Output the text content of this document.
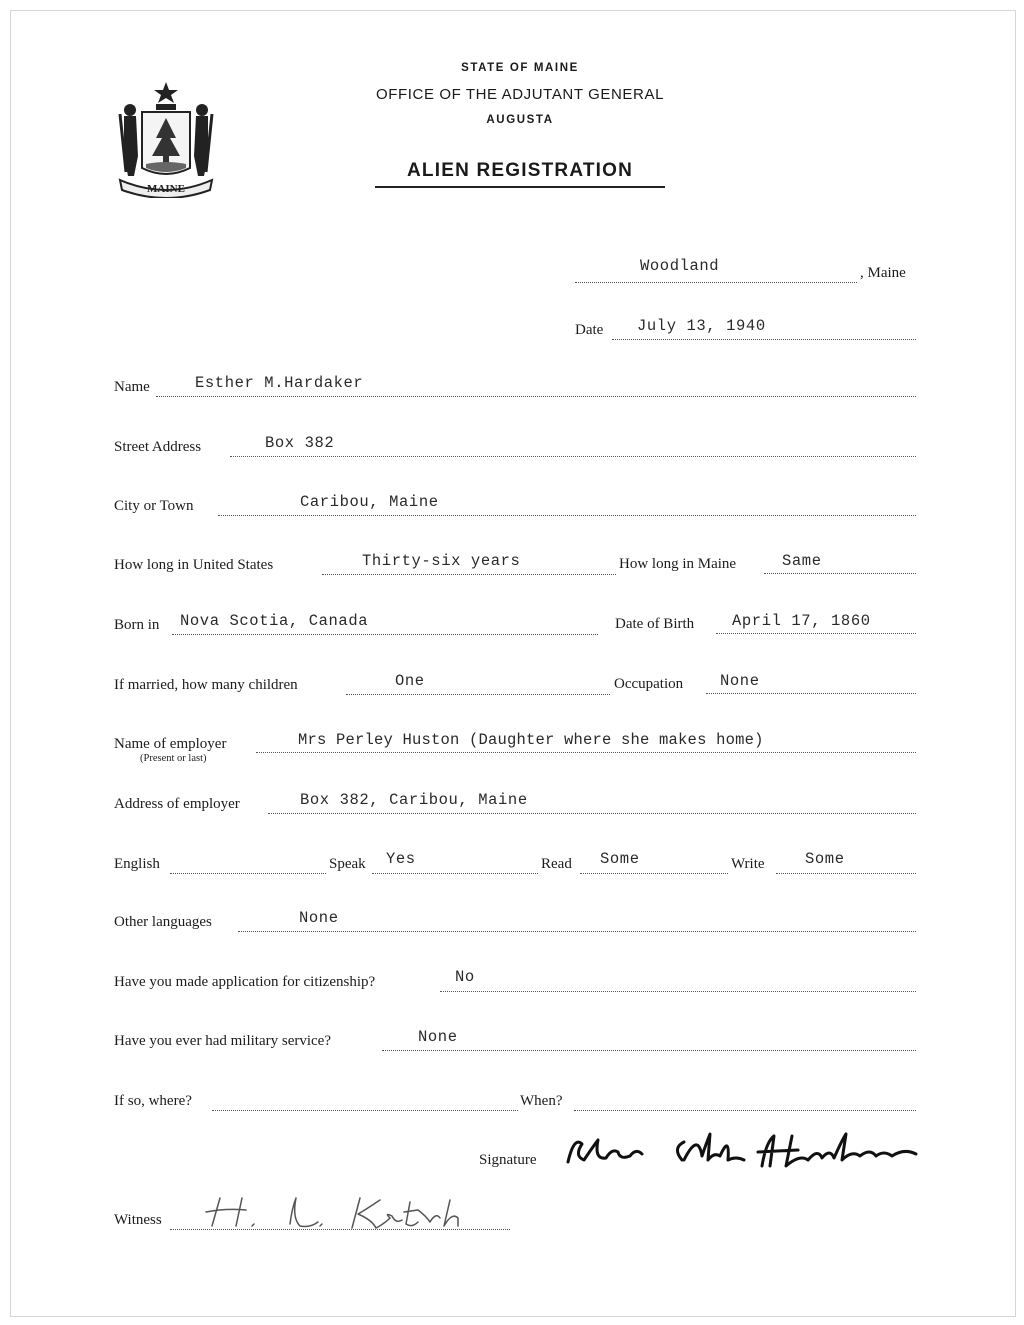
MAINE
STATE OF MAINE
OFFICE OF THE ADJUTANT GENERAL
AUGUSTA
ALIEN REGISTRATION
Woodland	, Maine
Date July 13, 1940
Name	Esther M.Hardaker
Street Address	Box 382
City or Town	Caribou, Maine
How long in United States	Thirty-six years	How long in Maine	Same
Born in Nova Scotia, Canada	Date of Birth April 17, 1860
If married, how many children	One	Occupation None
Name of employer
(Present or last)
Mrs Perley Huston (Daughter where she makes home)
Address of employer	Box 382, Caribou, Maine
English	Speak Yes	Read Some	Write	Some
Other languages	None
Have you made application for citizenship?	No
Have you ever had military service?	None
If so, where?	When?
Signature
Witness
